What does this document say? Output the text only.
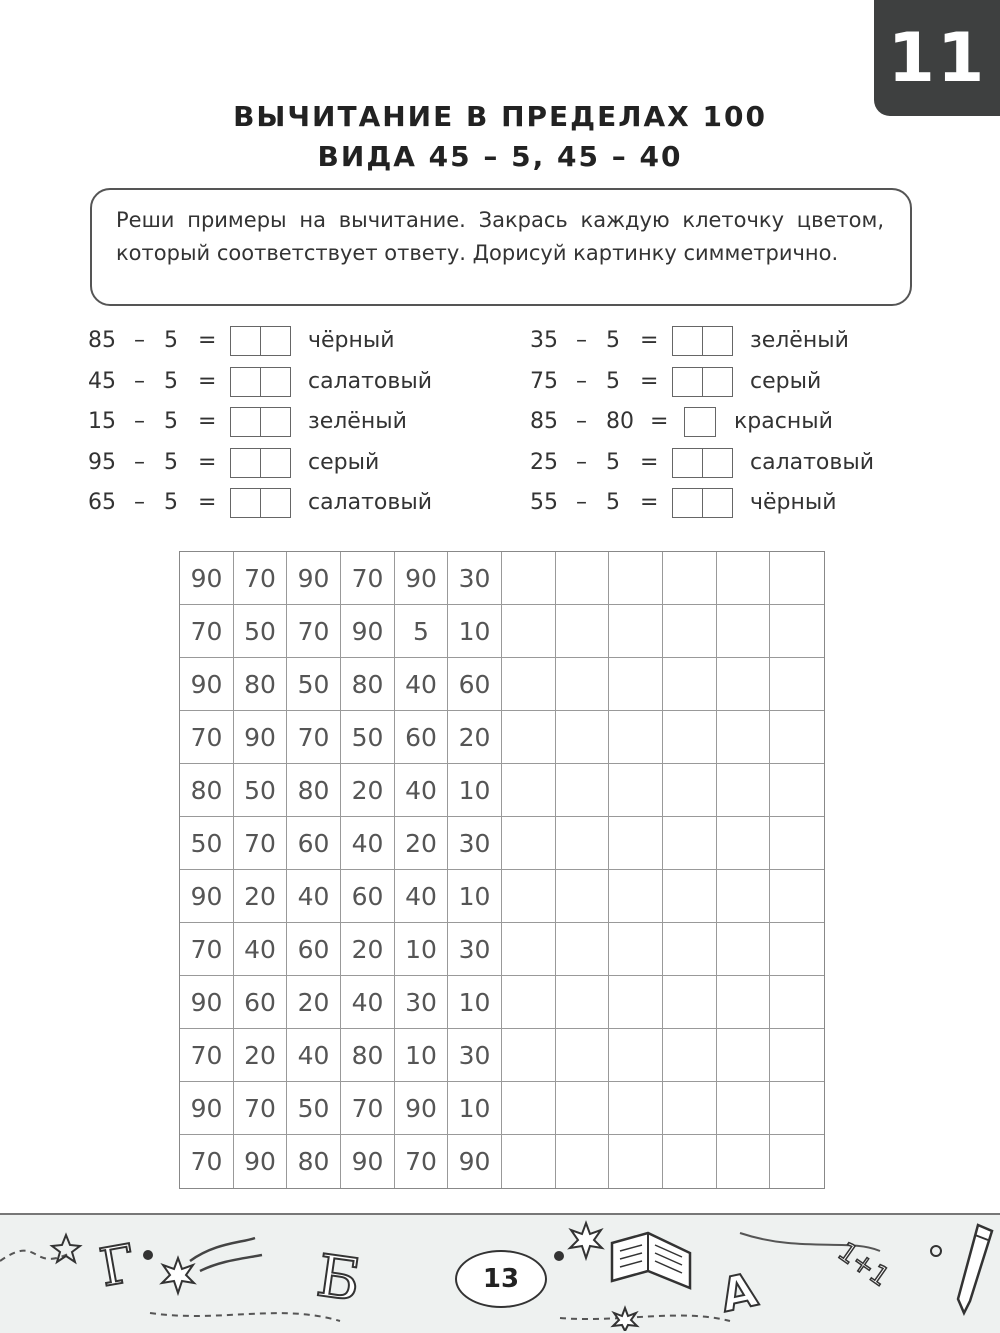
11
ВЫЧИТАНИЕ В ПРЕДЕЛАХ 100
ВИДА 45 – 5, 45 – 40
Реши примеры на вычитание. Закрась каждую клеточку цветом, который соответствует ответу. Дорисуй картинку симметрично.
85 – 5 =	чёрный
45 – 5 =	салатовый
15 – 5 =	зелёный
95 – 5 =	серый
65 – 5 =	салатовый
35 – 5 =	зелёный
75 – 5 =	серый
85 – 80 =	красный
25 – 5 =	салатовый
55 – 5 =	чёрный
90 70 90 70 90 30
70 50 70 90	5	10
90 80 50 80 40 60
70 90 70 50 60 20
80 50 80 20 40 10
50 70 60 40 20 30
90 20 40 60 40 10
70 40 60 20 10 30
90 60 20 40 30 10
70 20 40 80 10 30
90 70 50 70 90 10
70 90 80 90 70 90
Г	Б	А	1+1
13
